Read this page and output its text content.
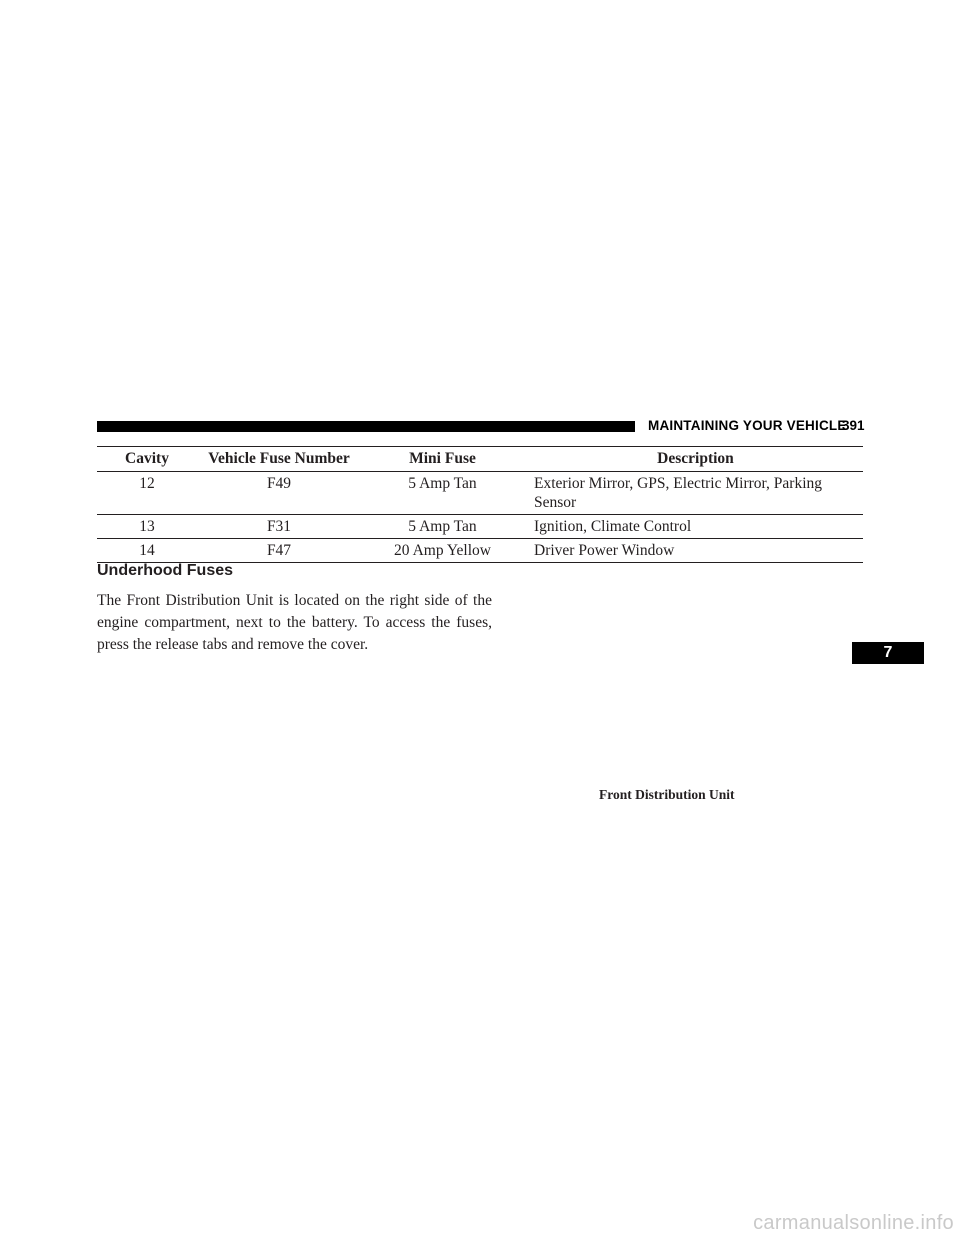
MAINTAINING YOUR VEHICLE
391
Cavity	Vehicle Fuse Number	Mini Fuse	Description
12	F49	5 Amp Tan	Exterior Mirror, GPS, Electric Mirror, Parking Sensor
13	F31	5 Amp Tan	Ignition, Climate Control
14	F47	20 Amp Yellow	Driver Power Window
Underhood Fuses
The Front Distribution Unit is located on the right side of the engine compartment, next to the battery. To access the fuses, press the release tabs and remove the cover.	7
Front Distribution Unit
carmanualsonline.info
